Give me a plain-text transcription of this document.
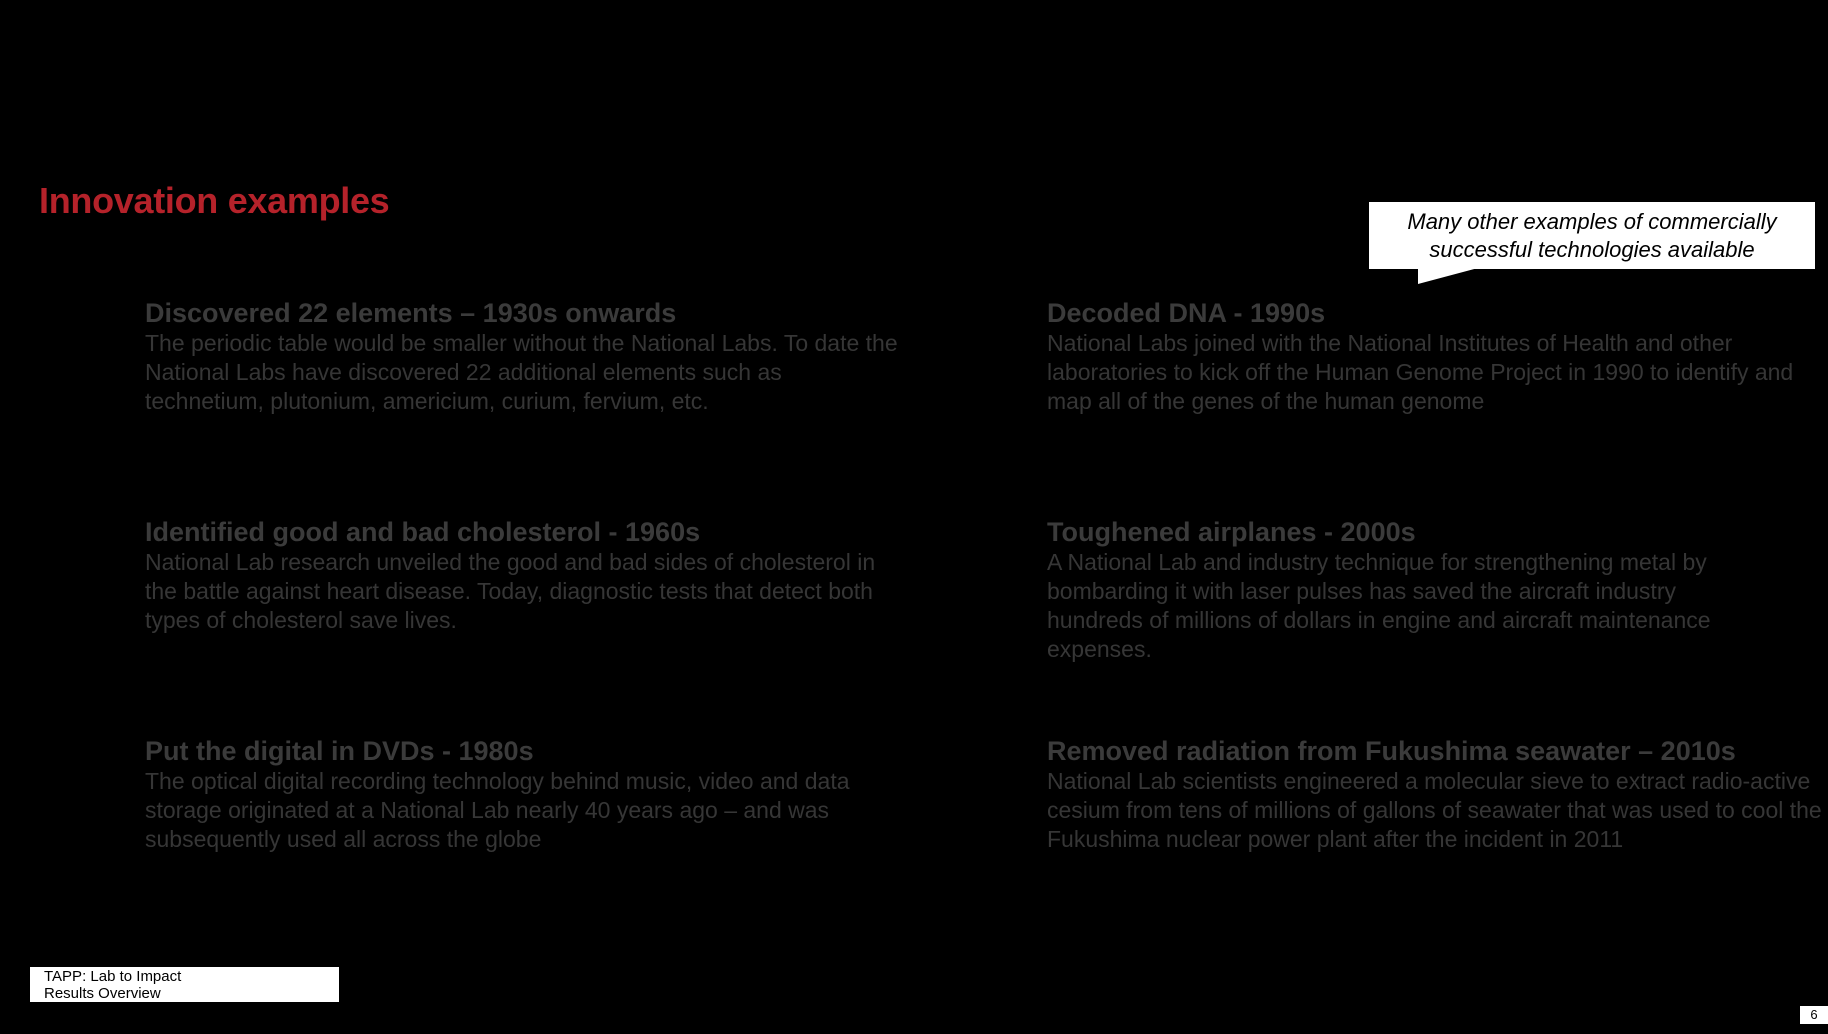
Innovation examples
Many other examples of commercially successful technologies available
Discovered 22 elements – 1930s onwards

The periodic table would be smaller without the National Labs. To date the National Labs have discovered 22 additional elements such as technetium, plutonium, americium, curium, fervium, etc.

Decoded DNA - 1990s

National Labs joined with the National Institutes of Health and other laboratories to kick off the Human Genome Project in 1990 to identify and map all of the genes of the human genome

Identified good and bad cholesterol - 1960s

National Lab research unveiled the good and bad sides of cholesterol in the battle against heart disease. Today, diagnostic tests that detect both types of cholesterol save lives.

Toughened airplanes - 2000s

A National Lab and industry technique for strengthening metal by bombarding it with laser pulses has saved the aircraft industry hundreds of millions of dollars in engine and aircraft maintenance expenses.

Put the digital in DVDs - 1980s

The optical digital recording technology behind music, video and data storage originated at a National Lab nearly 40 years ago – and was subsequently used all across the globe

Removed radiation from Fukushima seawater – 2010s

National Lab scientists engineered a molecular sieve to extract radio-active cesium from tens of millions of gallons of seawater that was used to cool the Fukushima nuclear power plant after the incident in 2011

TAPP: Lab to Impact
Results Overview
6
